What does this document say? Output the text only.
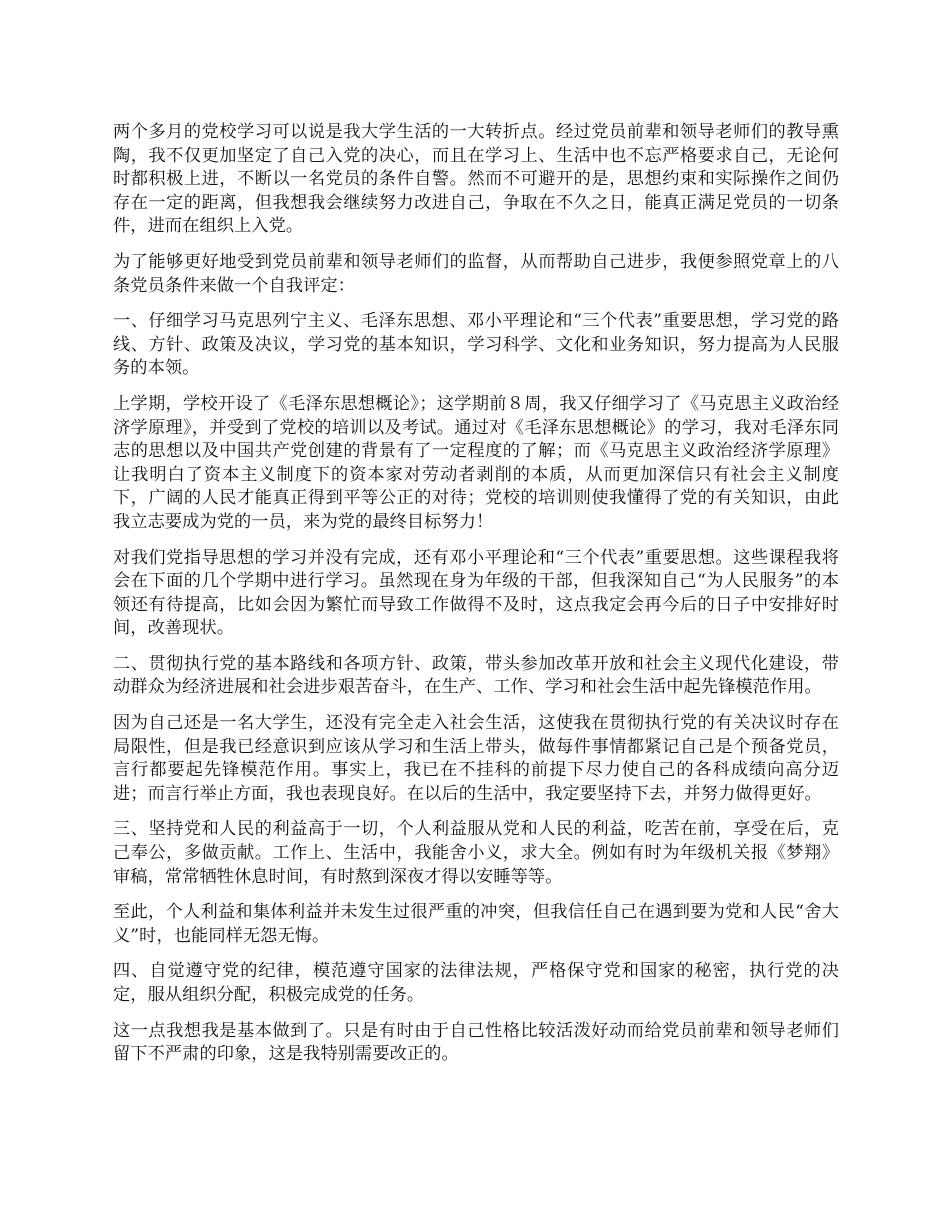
两个多月的党校学习可以说是我大学生活的一大转折点。经过党员前辈和领导老师们的教导熏陶，我不仅更加坚定了自己入党的决心，而且在学习上、生活中也不忘严格要求自己，无论何时都积极上进，不断以一名党员的条件自警。然而不可避开的是，思想约束和实际操作之间仍存在一定的距离，但我想我会继续努力改进自己，争取在不久之日，能真正满足党员的一切条件，进而在组织上入党。

为了能够更好地受到党员前辈和领导老师们的监督，从而帮助自己进步，我便参照党章上的八条党员条件来做一个自我评定：

一、仔细学习马克思列宁主义、毛泽东思想、邓小平理论和“三个代表”重要思想，学习党的路线、方针、政策及决议，学习党的基本知识，学习科学、文化和业务知识，努力提高为人民服务的本领。

上学期，学校开设了《毛泽东思想概论》；这学期前８周，我又仔细学习了《马克思主义政治经济学原理》，并受到了党校的培训以及考试。通过对《毛泽东思想概论》的学习，我对毛泽东同志的思想以及中国共产党创建的背景有了一定程度的了解；而《马克思主义政治经济学原理》让我明白了资本主义制度下的资本家对劳动者剥削的本质，从而更加深信只有社会主义制度下，广阔的人民才能真正得到平等公正的对待；党校的培训则使我懂得了党的有关知识，由此我立志要成为党的一员，来为党的最终目标努力！

对我们党指导思想的学习并没有完成，还有邓小平理论和“三个代表”重要思想。这些课程我将会在下面的几个学期中进行学习。虽然现在身为年级的干部，但我深知自己“为人民服务”的本领还有待提高，比如会因为繁忙而导致工作做得不及时，这点我定会再今后的日子中安排好时间，改善现状。

二、贯彻执行党的基本路线和各项方针、政策，带头参加改革开放和社会主义现代化建设，带动群众为经济进展和社会进步艰苦奋斗，在生产、工作、学习和社会生活中起先锋模范作用。

因为自己还是一名大学生，还没有完全走入社会生活，这使我在贯彻执行党的有关决议时存在局限性，但是我已经意识到应该从学习和生活上带头，做每件事情都紧记自己是个预备党员，言行都要起先锋模范作用。事实上，我已在不挂科的前提下尽力使自己的各科成绩向高分迈进；而言行举止方面，我也表现良好。在以后的生活中，我定要坚持下去，并努力做得更好。

三、坚持党和人民的利益高于一切，个人利益服从党和人民的利益，吃苦在前，享受在后，克己奉公，多做贡献。工作上、生活中，我能舍小义，求大全。例如有时为年级机关报《梦翔》审稿，常常牺牲休息时间，有时熬到深夜才得以安睡等等。

至此，个人利益和集体利益并未发生过很严重的冲突，但我信任自己在遇到要为党和人民“舍大义”时，也能同样无怨无悔。

四、自觉遵守党的纪律，模范遵守国家的法律法规，严格保守党和国家的秘密，执行党的决定，服从组织分配，积极完成党的任务。

这一点我想我是基本做到了。只是有时由于自己性格比较活泼好动而给党员前辈和领导老师们留下不严肃的印象，这是我特别需要改正的。
